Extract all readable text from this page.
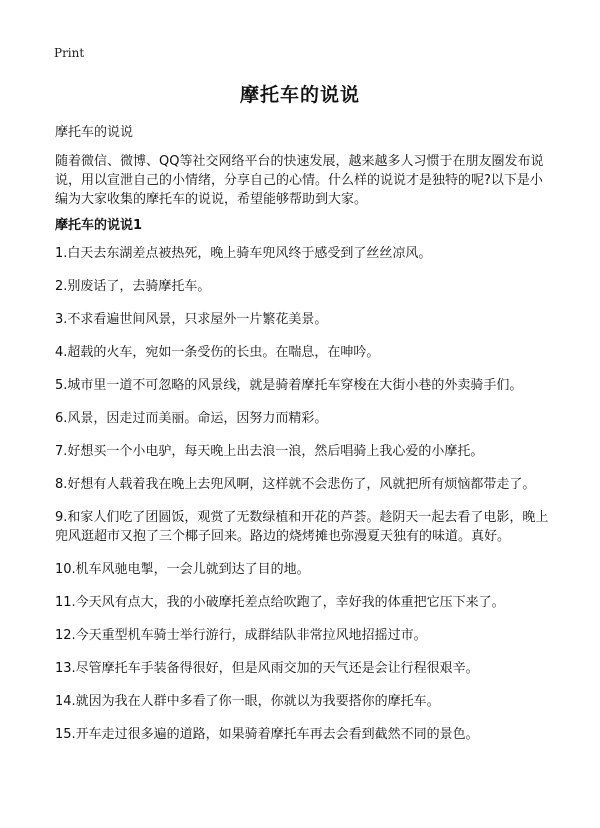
Print
摩托车的说说
摩托车的说说
随着微信、微博、QQ等社交网络平台的快速发展，越来越多人习惯于在朋友圈发布说说，用以宣泄自己的小情绪，分享自己的心情。什么样的说说才是独特的呢?以下是小编为大家收集的摩托车的说说，希望能够帮助到大家。
摩托车的说说1
1.白天去东湖差点被热死，晚上骑车兜风终于感受到了丝丝凉风。
2.别废话了，去骑摩托车。
3.不求看遍世间风景，只求屋外一片繁花美景。
4.超载的火车，宛如一条受伤的长虫。在喘息，在呻吟。
5.城市里一道不可忽略的风景线，就是骑着摩托车穿梭在大街小巷的外卖骑手们。
6.风景，因走过而美丽。命运，因努力而精彩。
7.好想买一个小电驴，每天晚上出去浪一浪，然后唱骑上我心爱的小摩托。
8.好想有人载着我在晚上去兜风啊，这样就不会悲伤了，风就把所有烦恼都带走了。
9.和家人们吃了团圆饭，观赏了无数绿植和开花的芦荟。趁阴天一起去看了电影，晚上兜风逛超市又抱了三个椰子回来。路边的烧烤摊也弥漫夏天独有的味道。真好。
10.机车风驰电掣，一会儿就到达了目的地。
11.今天风有点大，我的小破摩托差点给吹跑了，幸好我的体重把它压下来了。
12.今天重型机车骑士举行游行，成群结队非常拉风地招摇过市。
13.尽管摩托车手装备得很好，但是风雨交加的天气还是会让行程很艰辛。
14.就因为我在人群中多看了你一眼，你就以为我要搭你的摩托车。
15.开车走过很多遍的道路，如果骑着摩托车再去会看到截然不同的景色。
